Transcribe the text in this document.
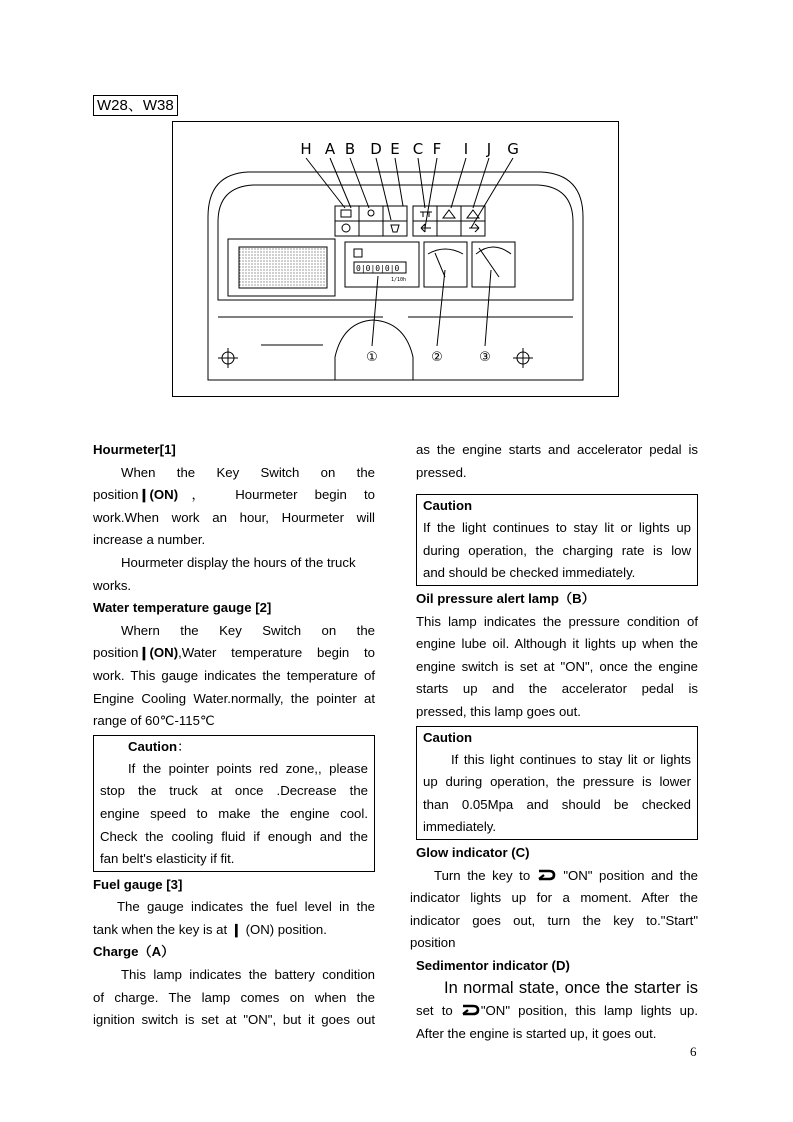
W28、W38
H A B D E C F I J G
①	②	③
0|0|0|0|0
1/10h
Hourmeter[1]

When the Key Switch on the

position❙(ON)， Hourmeter begin to

work.When work an hour, Hourmeter will

increase a number.

Hourmeter display the hours of the truck

works.

Water temperature gauge [2]

Whern the Key Switch on the

position❙(ON),Water temperature begin to

work. This gauge indicates the temperature of

Engine Cooling Water.normally, the pointer at

range of 60℃-115℃

Caution：

If the pointer points red zone,, please

stop the truck at once .Decrease the

engine speed to make the engine cool.

Check the cooling fluid if enough and the

fan belt's elasticity if fit.

Fuel gauge [3]

The gauge indicates the fuel level in the

tank when the key is at ❙ (ON) position.

Charge（A）

This lamp indicates the battery condition

of charge. The lamp comes on when the

ignition switch is set at "ON", but it goes out

as the engine starts and accelerator pedal is

pressed.

Caution

If the light continues to stay lit or lights up

during operation, the charging rate is low

and should be checked immediately.

Oil pressure alert lamp（B）

This lamp indicates the pressure condition of

engine lube oil. Although it lights up when the

engine switch is set at "ON", once the engine

starts up and the accelerator pedal is

pressed, this lamp goes out.

Caution

If this light continues to stay lit or lights

up during operation, the pressure is lower

than 0.05Mpa and should be checked

immediately.

Glow indicator (C)

Turn the key to	"ON" position and the

indicator lights up for a moment. After the

indicator goes out, turn the key to."Start"

position

Sedimentor indicator (D)

In normal state, once the starter is

set to "ON" position, this lamp lights up.

After the engine is started up, it goes out.

6
